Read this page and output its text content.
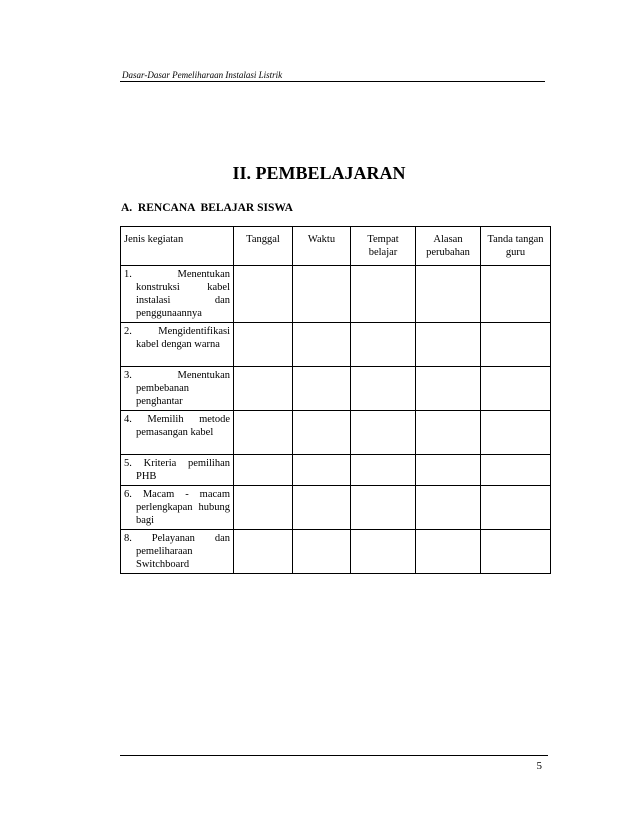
Dasar-Dasar Pemeliharaan Instalasi Listrik
II. PEMBELAJARAN
A.  RENCANA  BELAJAR SISWA
Jenis kegiatan	Tanggal	Waktu	Tempat belajar	Alasan perubahan	Tanda tangan guru

1. Menentukan konstruksi kabel instalasi dan penggunaannya					

2. Mengidentifikasi kabel dengan warna					

3. Menentukan pembebanan penghantar					

4. Memilih metode pemasangan kabel					

5. Kriteria pemilihan PHB					

6. Macam - macam perlengkapan hubung bagi					

8. Pelayanan dan pemeliharaan Switchboard					

5
